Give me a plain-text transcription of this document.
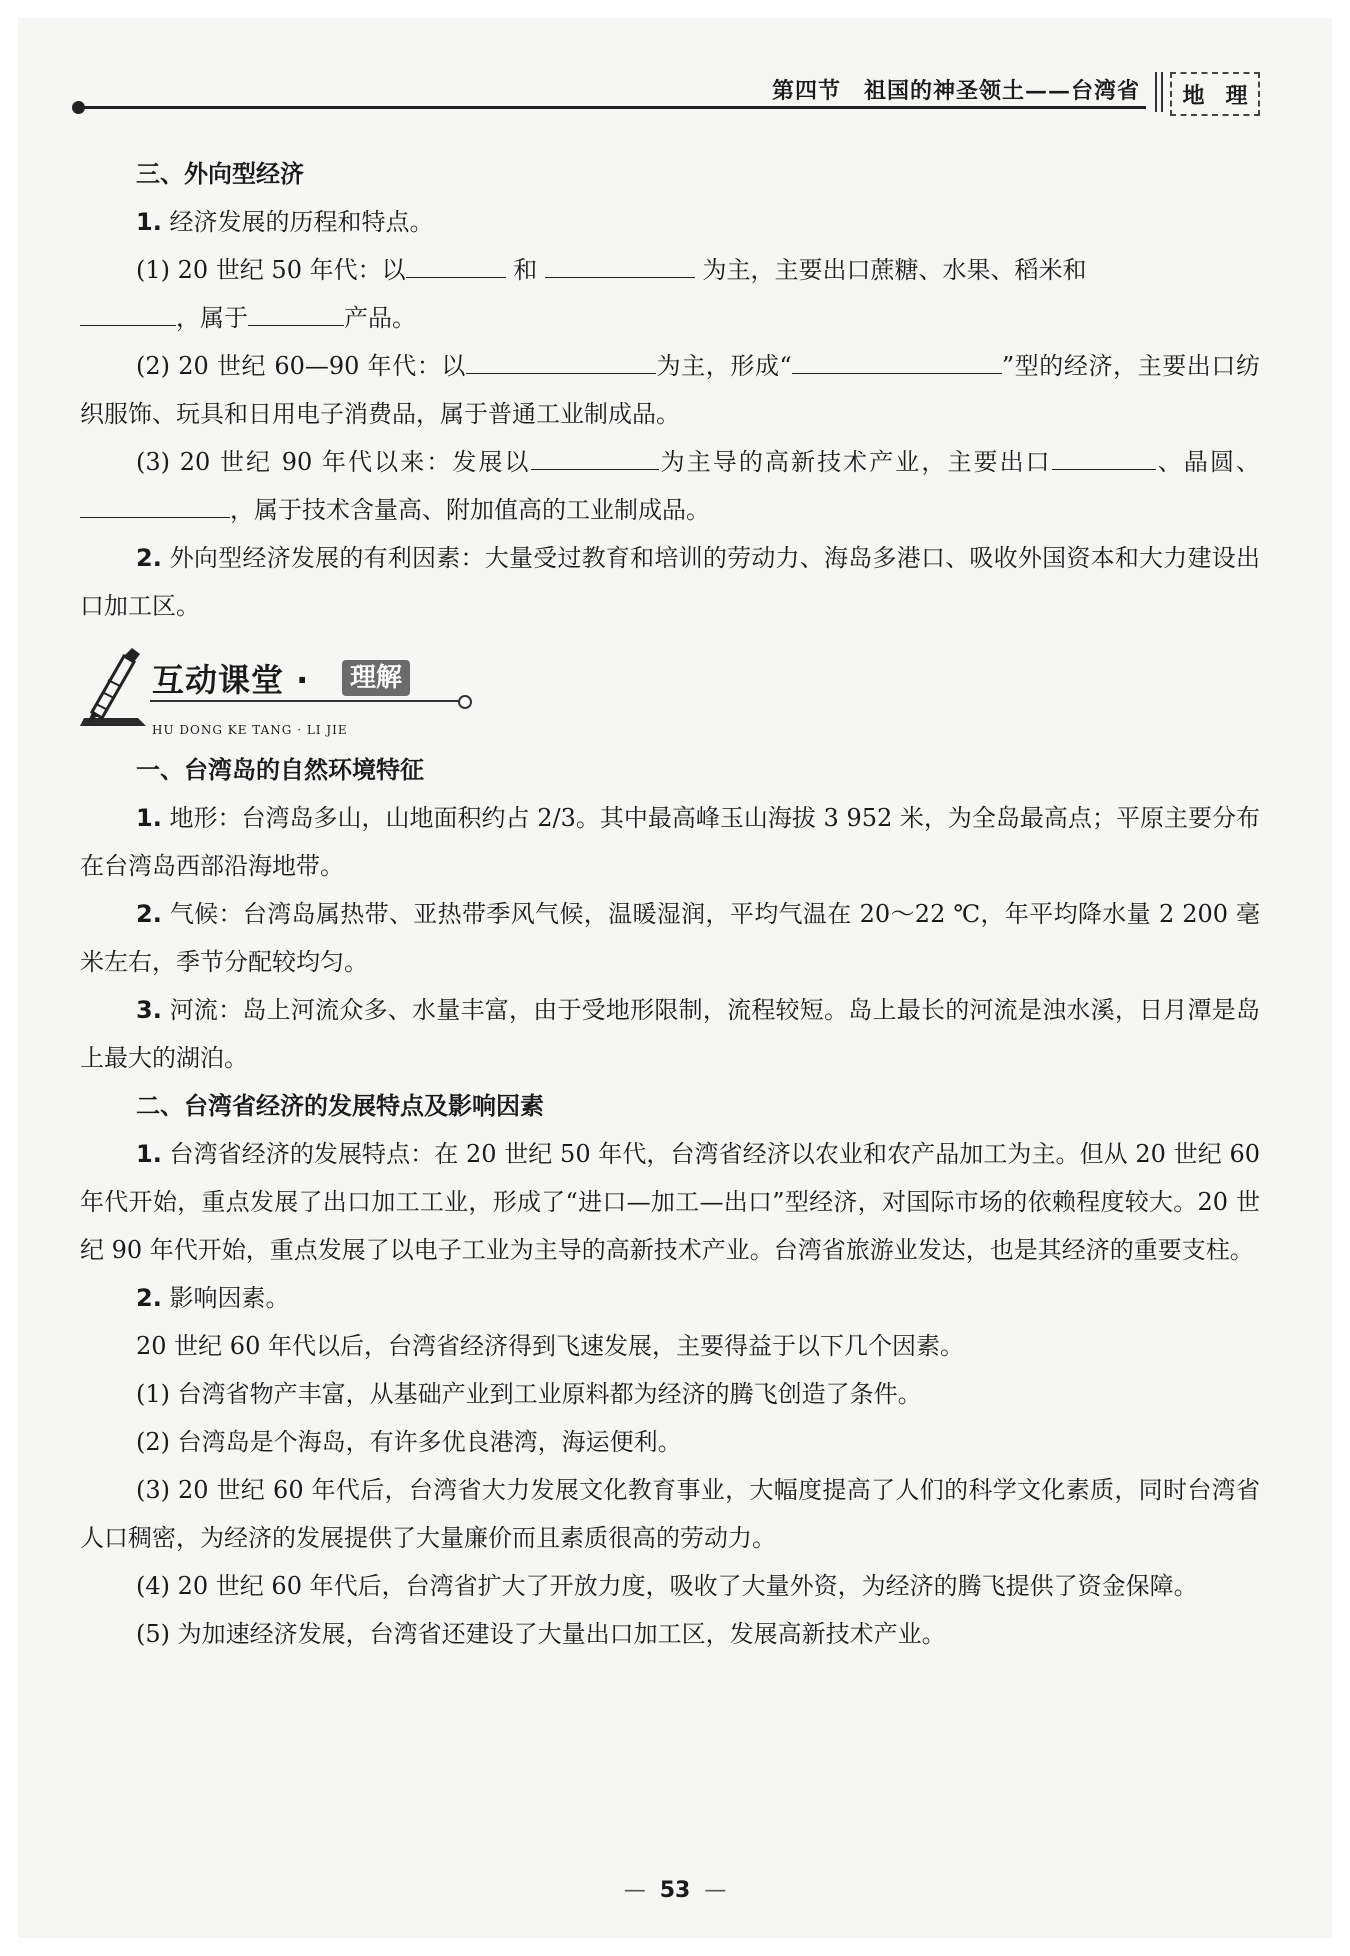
第四节　祖国的神圣领土——台湾省 地 理

三、外向型经济

1. 经济发展的历程和特点。

(1) 20 世纪 50 年代：以	和	为主，主要出口蔗糖、水果、稻米和
，属于	产品。

(2) 20 世纪 60—90 年代：以	为主，形成“	”型的经济，主要出口纺织服饰、玩具和日用电子消费品，属于普通工业制成品。

(3) 20 世纪 90 年代以来：发展以	为主导的高新技术产业，主要出口	、晶圆、，属于技术含量高、附加值高的工业制成品。

2. 外向型经济发展的有利因素：大量受过教育和培训的劳动力、海岛多港口、吸收外国资本和大力建设出口加工区。

互动课堂 ·	理解
HU DONG KE TANG · LI JIE

一、台湾岛的自然环境特征

1. 地形：台湾岛多山，山地面积约占 2/3。其中最高峰玉山海拔 3 952 米，为全岛最高点；平原主要分布在台湾岛西部沿海地带。

2. 气候：台湾岛属热带、亚热带季风气候，温暖湿润，平均气温在 20～22 ℃，年平均降水量 2 200 毫米左右，季节分配较均匀。

3. 河流：岛上河流众多、水量丰富，由于受地形限制，流程较短。岛上最长的河流是浊水溪，日月潭是岛上最大的湖泊。

二、台湾省经济的发展特点及影响因素

1. 台湾省经济的发展特点：在 20 世纪 50 年代，台湾省经济以农业和农产品加工为主。但从 20 世纪 60 年代开始，重点发展了出口加工工业，形成了“进口—加工—出口”型经济，对国际市场的依赖程度较大。20 世纪 90 年代开始，重点发展了以电子工业为主导的高新技术产业。台湾省旅游业发达，也是其经济的重要支柱。

2. 影响因素。

20 世纪 60 年代以后，台湾省经济得到飞速发展，主要得益于以下几个因素。

(1) 台湾省物产丰富，从基础产业到工业原料都为经济的腾飞创造了条件。

(2) 台湾岛是个海岛，有许多优良港湾，海运便利。

(3) 20 世纪 60 年代后，台湾省大力发展文化教育事业，大幅度提高了人们的科学文化素质，同时台湾省人口稠密，为经济的发展提供了大量廉价而且素质很高的劳动力。

(4) 20 世纪 60 年代后，台湾省扩大了开放力度，吸收了大量外资，为经济的腾飞提供了资金保障。

(5) 为加速经济发展，台湾省还建设了大量出口加工区，发展高新技术产业。

— 53 —
